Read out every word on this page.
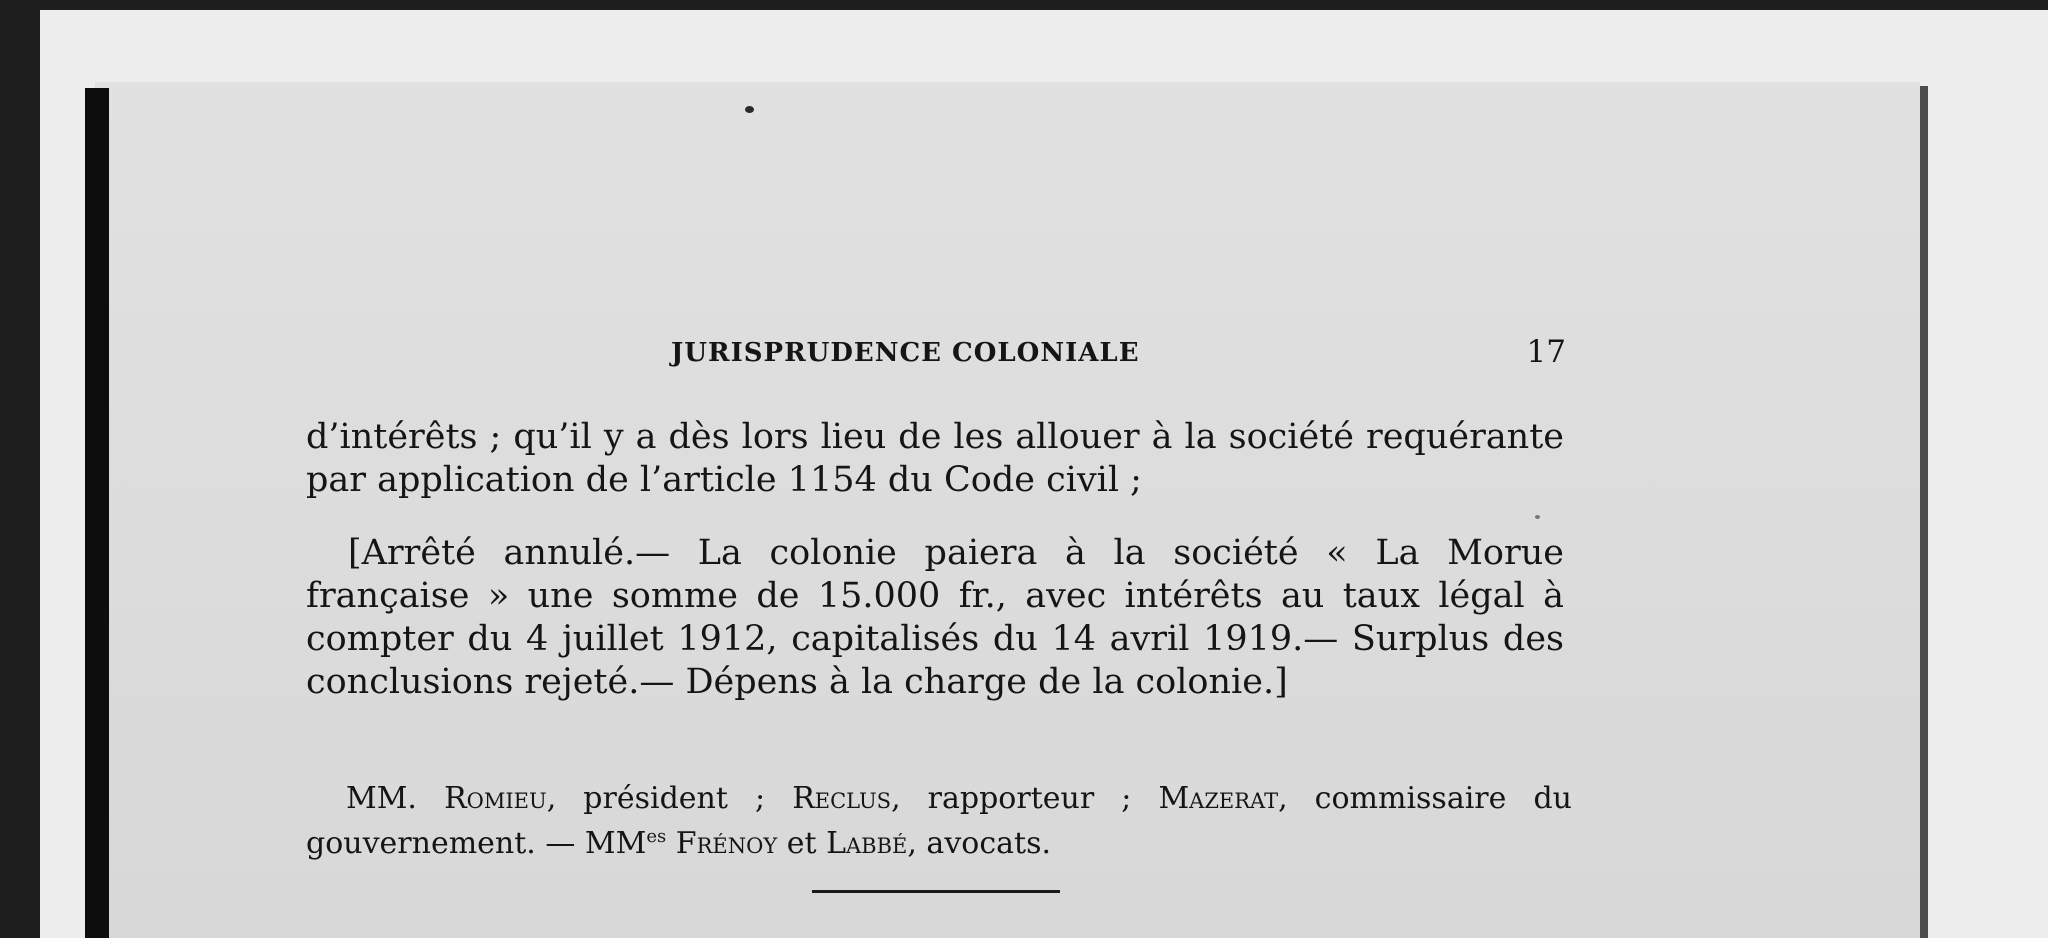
JURISPRUDENCE COLONIALE	17

d’intérêts ; qu’il y a dès lors lieu de les allouer à la société requérante par application de l’article 1154 du Code civil ;

[Arrêté annulé.— La colonie paiera à la société « La Morue française » une somme de 15.000 fr., avec intérêts au taux légal à compter du 4 juillet 1912, capitalisés du 14 avril 1919.— Surplus des conclusions rejeté.— Dépens à la charge de la colonie.]

MM. Romieu, président ; Reclus, rapporteur ; Mazerat, commissaire du gouvernement. — $MM^{es}$ Frénoy et Labbé, avocats.
